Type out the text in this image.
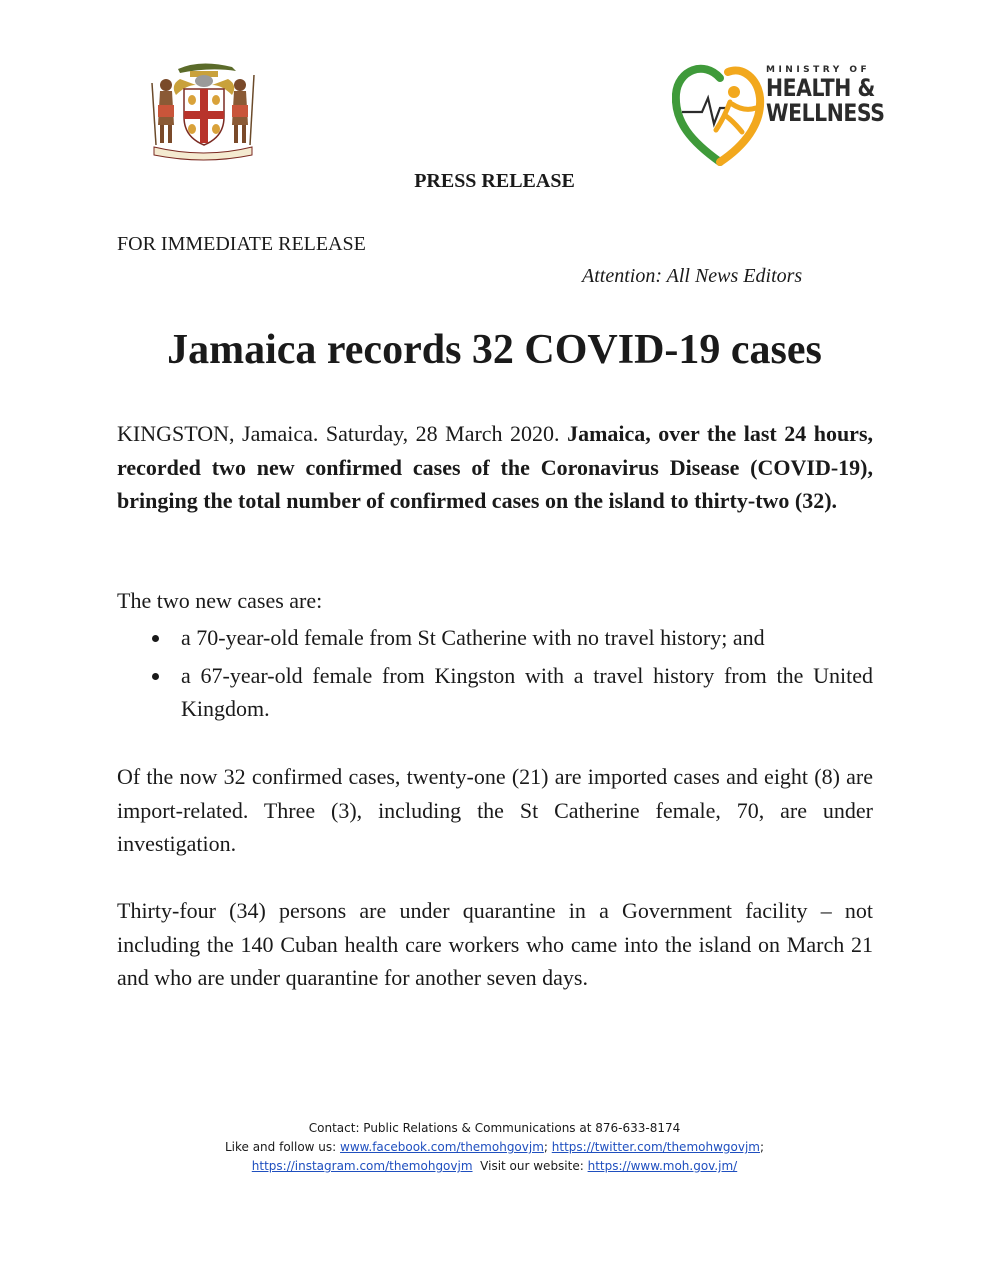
MINISTRY OF
HEALTH &
WELLNESS
PRESS RELEASE
FOR IMMEDIATE RELEASE
Attention: All News Editors
Jamaica records 32 COVID-19 cases
KINGSTON, Jamaica. Saturday, 28 March 2020. Jamaica, over the last 24 hours, recorded two new confirmed cases of the Coronavirus Disease (COVID-19), bringing the total number of confirmed cases on the island to thirty-two (32).
The two new cases are:
a 70-year-old female from St Catherine with no travel history; and
a 67-year-old female from Kingston with a travel history from the United Kingdom.
Of the now 32 confirmed cases, twenty-one (21) are imported cases and eight (8) are import-related. Three (3), including the St Catherine female, 70, are under investigation.
Thirty-four (34) persons are under quarantine in a Government facility – not including the 140 Cuban health care workers who came into the island on March 21 and who are under quarantine for another seven days.
Contact: Public Relations & Communications at 876-633-8174
Like and follow us: www.facebook.com/themohgovjm; https://twitter.com/themohwgovjm;
https://instagram.com/themohgovjm  Visit our website: https://www.moh.gov.jm/
